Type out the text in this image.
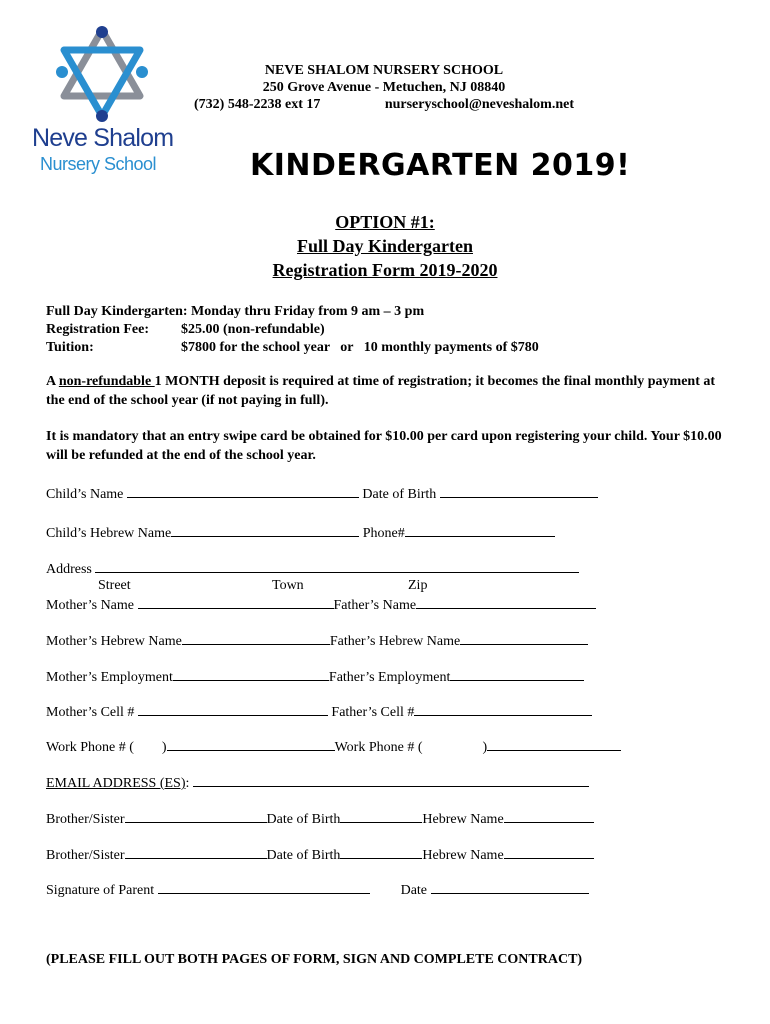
Neve Shalom
Nursery School
NEVE SHALOM NURSERY SCHOOL
250 Grove Avenue - Metuchen, NJ 08840
(732) 548-2238 ext 17	nurseryschool@neveshalom.net
KINDERGARTEN 2019!
OPTION #1:
Full Day Kindergarten
Registration Form 2019-2020
Full Day Kindergarten: Monday thru Friday from 9 am – 3 pm
Registration Fee:	$25.00 (non-refundable)
Tuition:	$7800 for the school year   or   10 monthly payments of $780
A non-refundable 1 MONTH deposit is required at time of registration; it becomes the final monthly payment at the end of the school year (if not paying in full).
It is mandatory that an entry swipe card be obtained for $10.00 per card upon registering your child. Your $10.00 will be refunded at the end of the school year.
Child’s Name	Date of Birth
Child’s Hebrew Name	Phone#
Address
Street	Town	Zip
Mother’s Name	Father’s Name
Mother’s Hebrew Name	Father’s Hebrew Name
Mother’s Employment	Father’s Employment
Mother’s Cell #	Father’s Cell #
Work Phone # ( )	Work Phone # (	)
EMAIL ADDRESS (ES):
Brother/Sister	Date of Birth	Hebrew Name
Brother/Sister	Date of Birth	Hebrew Name
Signature of Parent	Date
(PLEASE FILL OUT BOTH PAGES OF FORM, SIGN AND COMPLETE CONTRACT)
